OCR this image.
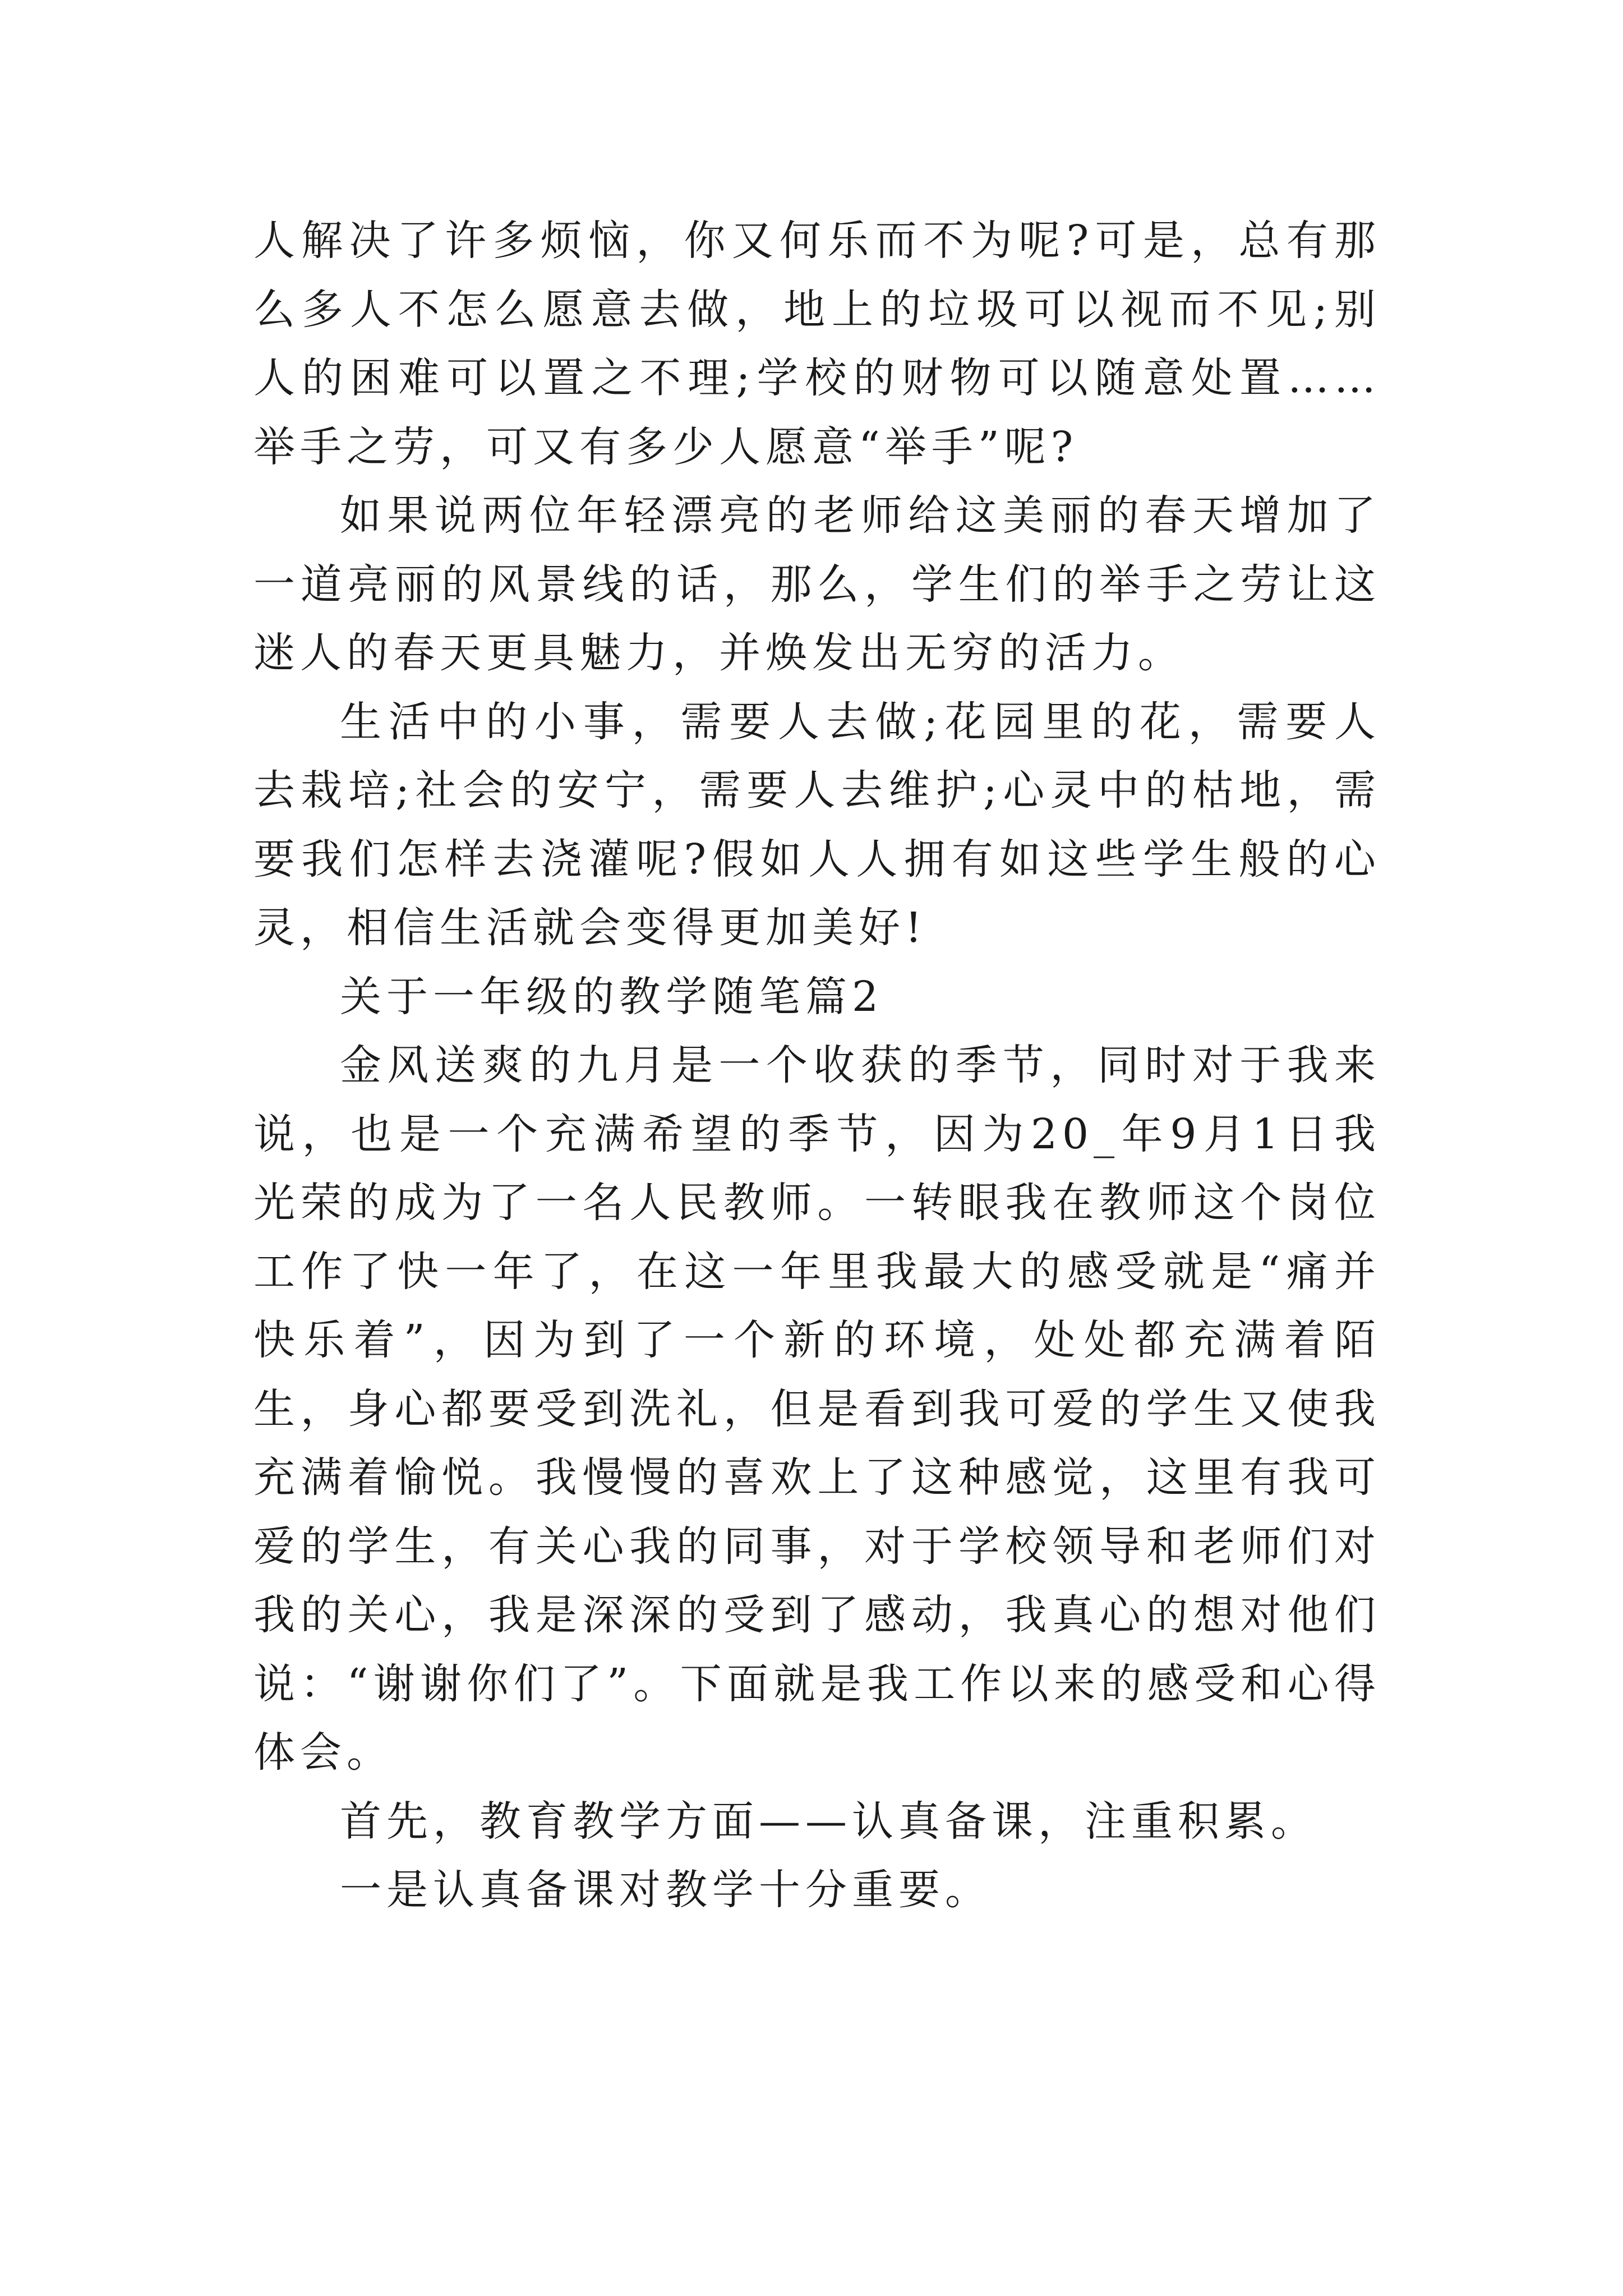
人解决了许多烦恼，你又何乐而不为呢?可是，总有那么多人不怎么愿意去做，地上的垃圾可以视而不见;别人的困难可以置之不理;学校的财物可以随意处置……举手之劳，可又有多少人愿意“举手”呢?

如果说两位年轻漂亮的老师给这美丽的春天增加了一道亮丽的风景线的话，那么，学生们的举手之劳让这迷人的春天更具魅力，并焕发出无穷的活力。

生活中的小事，需要人去做;花园里的花，需要人去栽培;社会的安宁，需要人去维护;心灵中的枯地，需要我们怎样去浇灌呢?假如人人拥有如这些学生般的心灵，相信生活就会变得更加美好!

关于一年级的教学随笔篇2

金风送爽的九月是一个收获的季节，同时对于我来说，也是一个充满希望的季节，因为20_年9月1日我光荣的成为了一名人民教师。一转眼我在教师这个岗位工作了快一年了，在这一年里我最大的感受就是“痛并快乐着”，因为到了一个新的环境，处处都充满着陌生，身心都要受到洗礼，但是看到我可爱的学生又使我充满着愉悦。我慢慢的喜欢上了这种感觉，这里有我可爱的学生，有关心我的同事，对于学校领导和老师们对我的关心，我是深深的受到了感动，我真心的想对他们说：“谢谢你们了”。下面就是我工作以来的感受和心得体会。

首先，教育教学方面——认真备课，注重积累。

一是认真备课对教学十分重要。
